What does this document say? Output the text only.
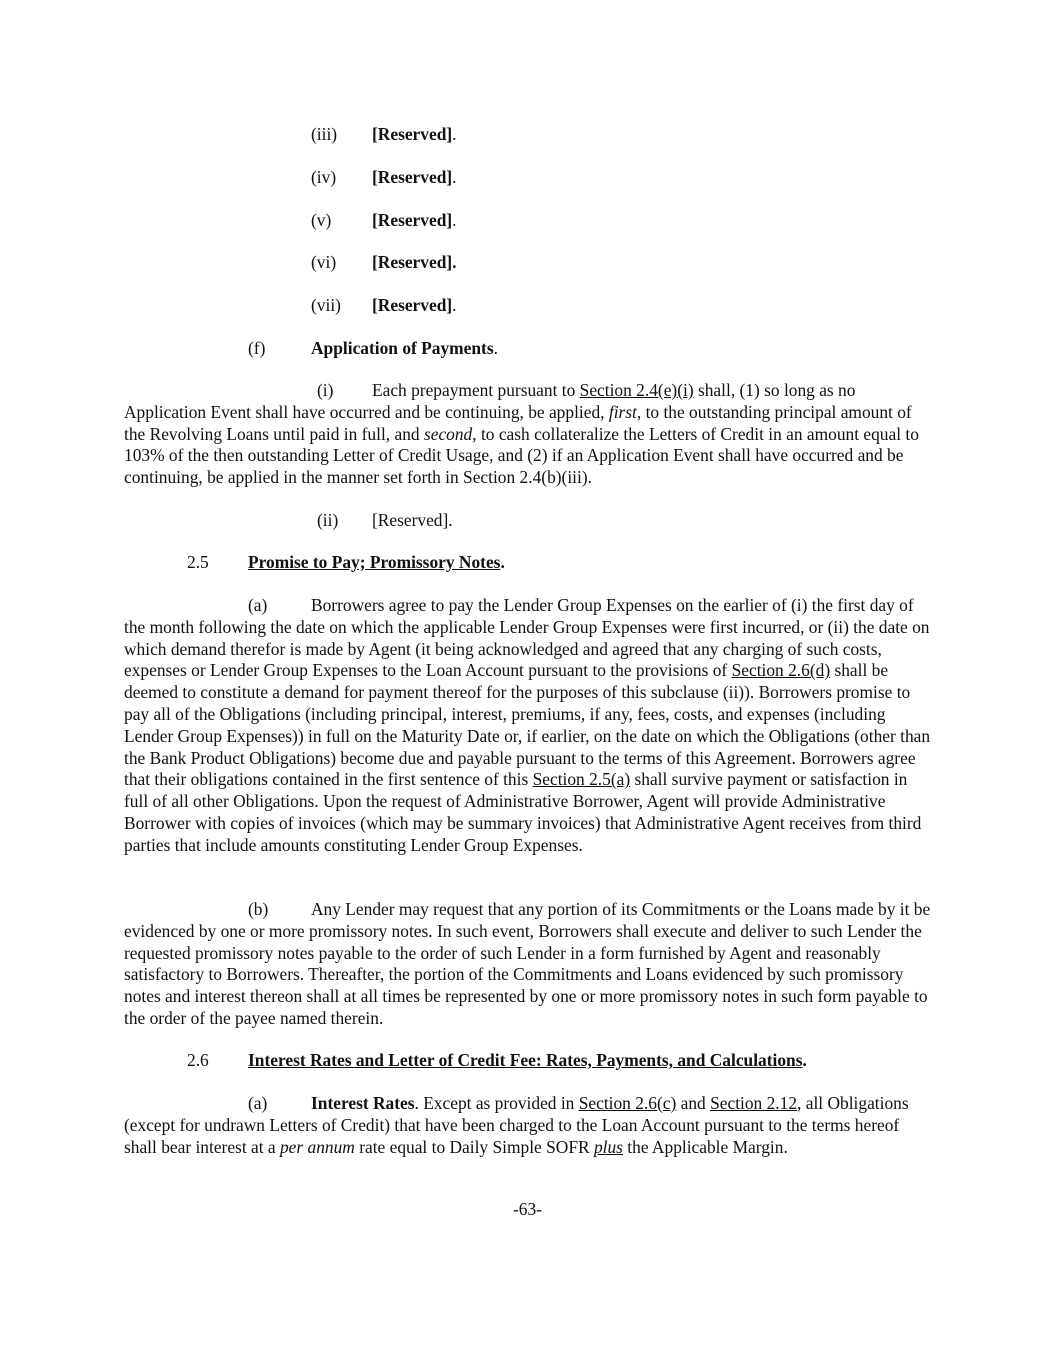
(iii) [Reserved].
(iv) [Reserved].
(v) [Reserved].
(vi) [Reserved].
(vii) [Reserved].
(f)	Application of Payments.
(i) Each prepayment pursuant to Section 2.4(e)(i) shall, (1) so long as no Application Event shall have occurred and be continuing, be applied, first, to the outstanding principal amount of the Revolving Loans until paid in full, and second, to cash collateralize the Letters of Credit in an amount equal to 103% of the then outstanding Letter of Credit Usage, and (2) if an Application Event shall have occurred and be continuing, be applied in the manner set forth in Section 2.4(b)(iii).
(ii) [Reserved].
2.5 Promise to Pay; Promissory Notes.
(a)	Borrowers agree to pay the Lender Group Expenses on the earlier of (i) the first day of the month following the date on which the applicable Lender Group Expenses were first incurred, or (ii) the date on which demand therefor is made by Agent (it being acknowledged and agreed that any charging of such costs, expenses or Lender Group Expenses to the Loan Account pursuant to the provisions of Section 2.6(d) shall be deemed to constitute a demand for payment thereof for the purposes of this subclause (ii)). Borrowers promise to pay all of the Obligations (including principal, interest, premiums, if any, fees, costs, and expenses (including Lender Group Expenses)) in full on the Maturity Date or, if earlier, on the date on which the Obligations (other than the Bank Product Obligations) become due and payable pursuant to the terms of this Agreement. Borrowers agree that their obligations contained in the first sentence of this Section 2.5(a) shall survive payment or satisfaction in full of all other Obligations. Upon the request of Administrative Borrower, Agent will provide Administrative Borrower with copies of invoices (which may be summary invoices) that Administrative Agent receives from third parties that include amounts constituting Lender Group Expenses.
(b) Any Lender may request that any portion of its Commitments or the Loans made by it be evidenced by one or more promissory notes. In such event, Borrowers shall execute and deliver to such Lender the requested promissory notes payable to the order of such Lender in a form furnished by Agent and reasonably satisfactory to Borrowers. Thereafter, the portion of the Commitments and Loans evidenced by such promissory notes and interest thereon shall at all times be represented by one or more promissory notes in such form payable to the order of the payee named therein.
2.6 Interest Rates and Letter of Credit Fee: Rates, Payments, and Calculations.
(a)	Interest Rates. Except as provided in Section 2.6(c) and Section 2.12, all Obligations (except for undrawn Letters of Credit) that have been charged to the Loan Account pursuant to the terms hereof shall bear interest at a per annum rate equal to Daily Simple SOFR plus the Applicable Margin.
-63-
